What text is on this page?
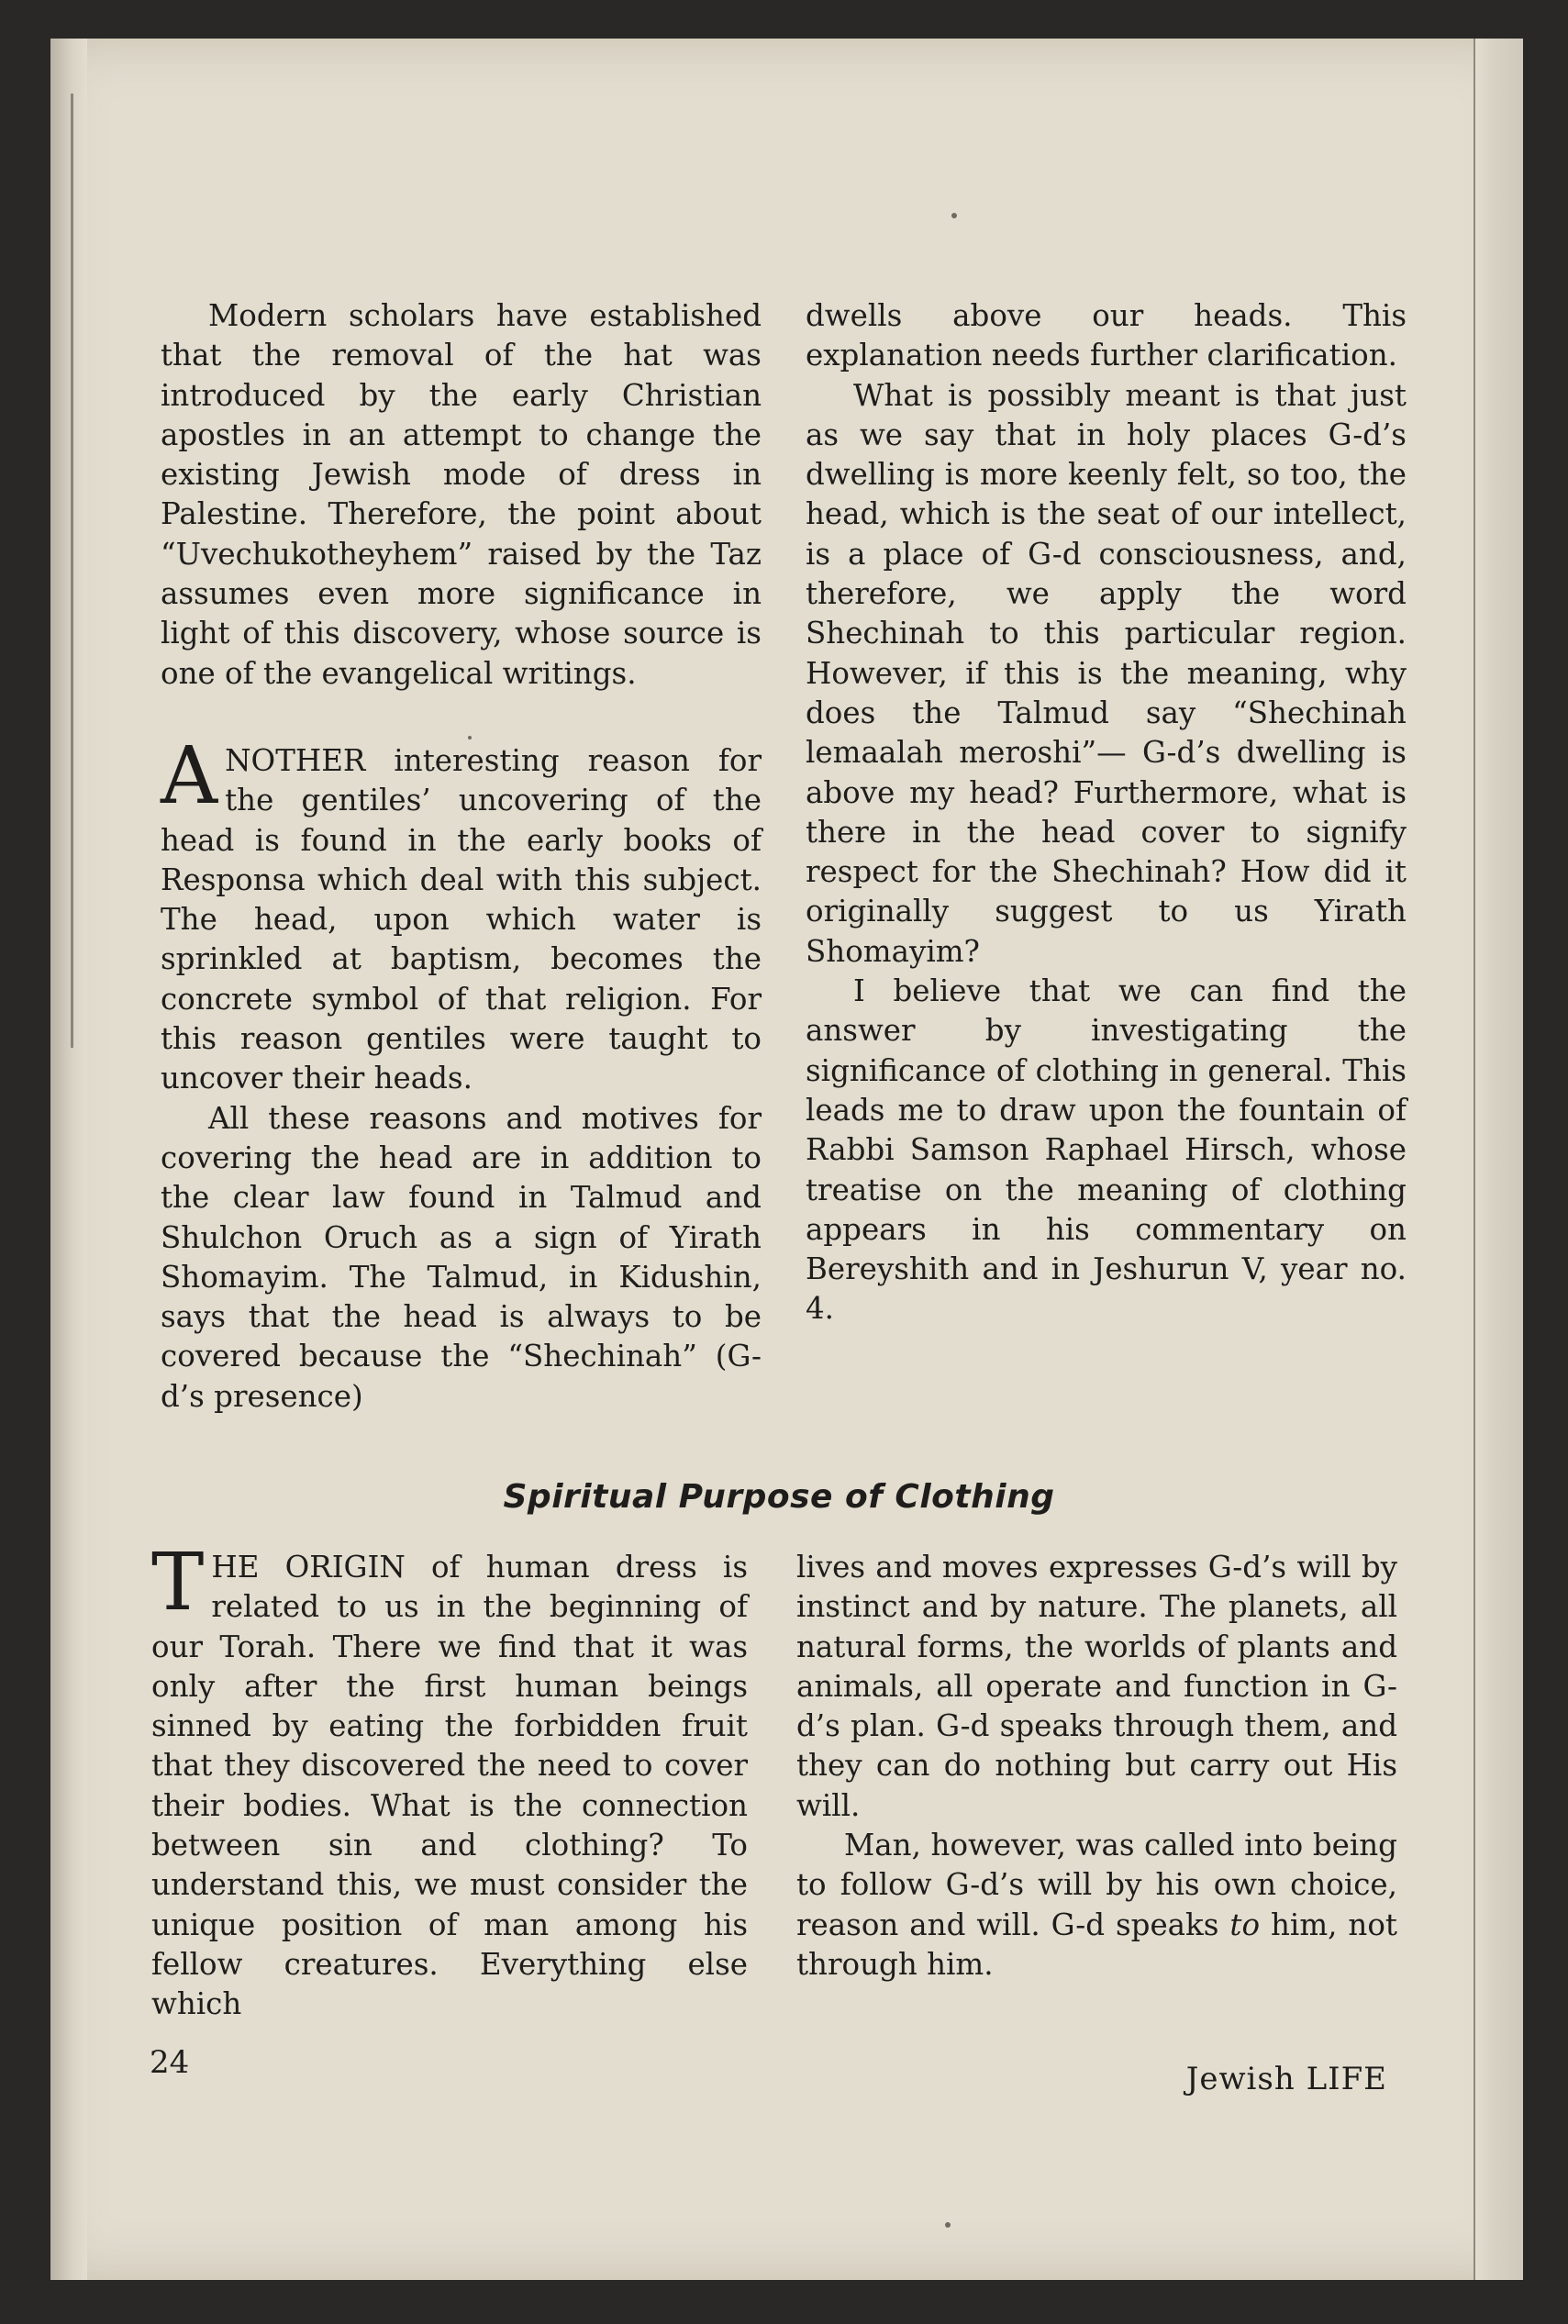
Modern scholars have established that the removal of the hat was introduced by the early Christian apostles in an attempt to change the existing Jewish mode of dress in Palestine. Therefore, the point about “Uvechukotheyhem” raised by the Taz assumes even more significance in light of this discovery, whose source is one of the evangelical writings.

ANOTHER interesting reason for the gentiles’ uncovering of the head is found in the early books of Responsa which deal with this subject. The head, upon which water is sprinkled at baptism, becomes the concrete symbol of that religion. For this reason gentiles were taught to uncover their heads.

All these reasons and motives for covering the head are in addition to the clear law found in Talmud and Shulchon Oruch as a sign of Yirath Shomayim. The Talmud, in Kidushin, says that the head is always to be covered because the “Shechinah” (G-d’s presence)

dwells above our heads. This explanation needs further clarification.

What is possibly meant is that just as we say that in holy places G-d’s dwelling is more keenly felt, so too, the head, which is the seat of our intellect, is a place of G-d consciousness, and, therefore, we apply the word Shechinah to this particular region. However, if this is the meaning, why does the Talmud say “Shechinah lemaalah meroshi”— G-d’s dwelling is above my head? Furthermore, what is there in the head cover to signify respect for the Shechinah? How did it originally suggest to us Yirath Shomayim?

I believe that we can find the answer by investigating the significance of clothing in general. This leads me to draw upon the fountain of Rabbi Samson Raphael Hirsch, whose treatise on the meaning of clothing appears in his commentary on Bereyshith and in Jeshurun V, year no. 4.

Spiritual Purpose of Clothing

THE ORIGIN of human dress is related to us in the beginning of our Torah. There we find that it was only after the first human beings sinned by eating the forbidden fruit that they discovered the need to cover their bodies. What is the connection between sin and clothing? To understand this, we must consider the unique position of man among his fellow creatures. Everything else which

lives and moves expresses G-d’s will by instinct and by nature. The planets, all natural forms, the worlds of plants and animals, all operate and function in G-d’s plan. G-d speaks through them, and they can do nothing but carry out His will.

Man, however, was called into being to follow G-d’s will by his own choice, reason and will. G-d speaks to him, not through him.

24	Jewish LIFE
